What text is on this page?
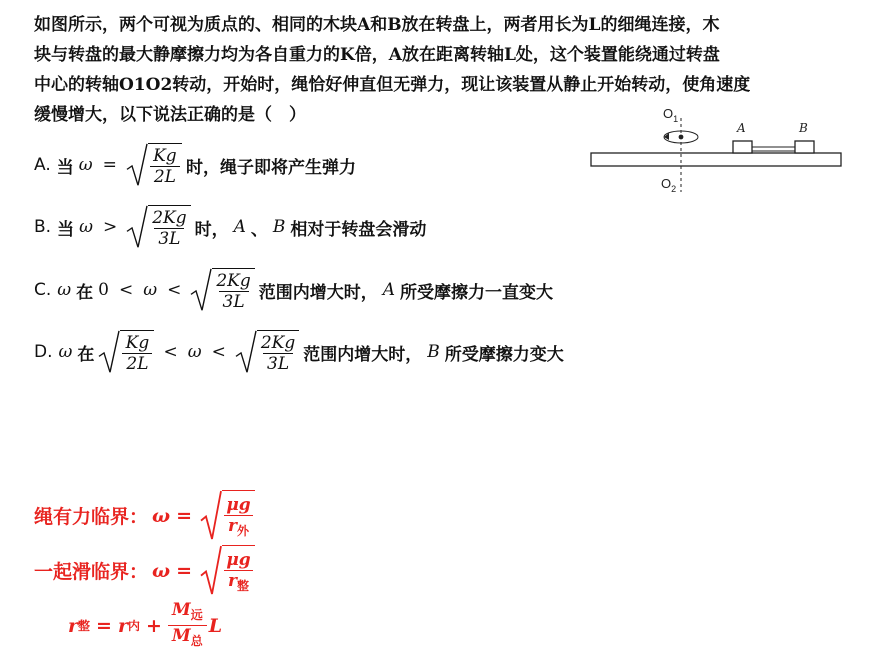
如图所示，两个可视为质点的、相同的木块A和B放在转盘上，两者用长为L的细绳连接，木
块与转盘的最大静摩擦力均为各自重力的K倍，A放在距离转轴L处，这个装置能绕通过转盘
中心的转轴O1O2转动，开始时，绳恰好伸直但无弹力，现让该装置从静止开始转动，使角速度
缓慢增大，以下说法正确的是（　）	$O_1$
$O_2$
A	B
A. 当 $\omega = \frac{Kg}{2L}$ 时，绳子即将产生弹力
B. 当 $\omega > \frac{2Kg}{3L}$ 时， A 、 B 相对于转盘会滑动
C. ω 在 $0 < \omega < \frac{2Kg}{3L}$ 范围内增大时， A 所受摩擦力一直变大
D. ω 在 $\frac{Kg}{2L} < \omega < \frac{2Kg}{3L}$ 范围内增大时， B 所受摩擦力变大
绳有力临界： $\omega = \frac{\mu g}{r_外}$
一起滑临界： $\omega = \frac{\mu g}{r_整}$
r 整 = r 内 + $\frac{M_远}{M_总}$ L
